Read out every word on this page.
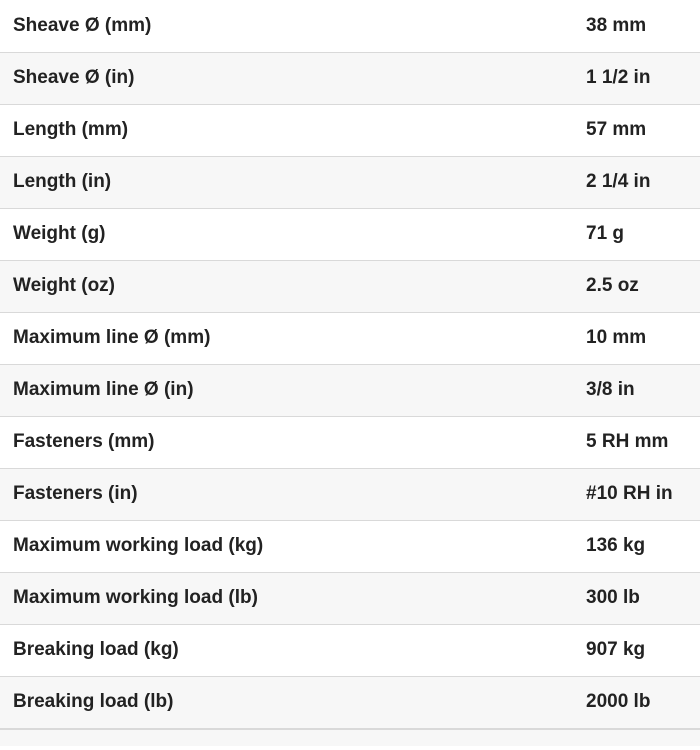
Sheave Ø (mm)	38 mm
Sheave Ø (in)	1 1/2 in
Length (mm)	57 mm
Length (in)	2 1/4 in
Weight (g)	71 g
Weight (oz)	2.5 oz
Maximum line Ø (mm)	10 mm
Maximum line Ø (in)	3/8 in
Fasteners (mm)	5 RH mm
Fasteners (in)	#10 RH in
Maximum working load (kg)	136 kg
Maximum working load (lb)	300 lb
Breaking load (kg)	907 kg
Breaking load (lb)	2000 lb
